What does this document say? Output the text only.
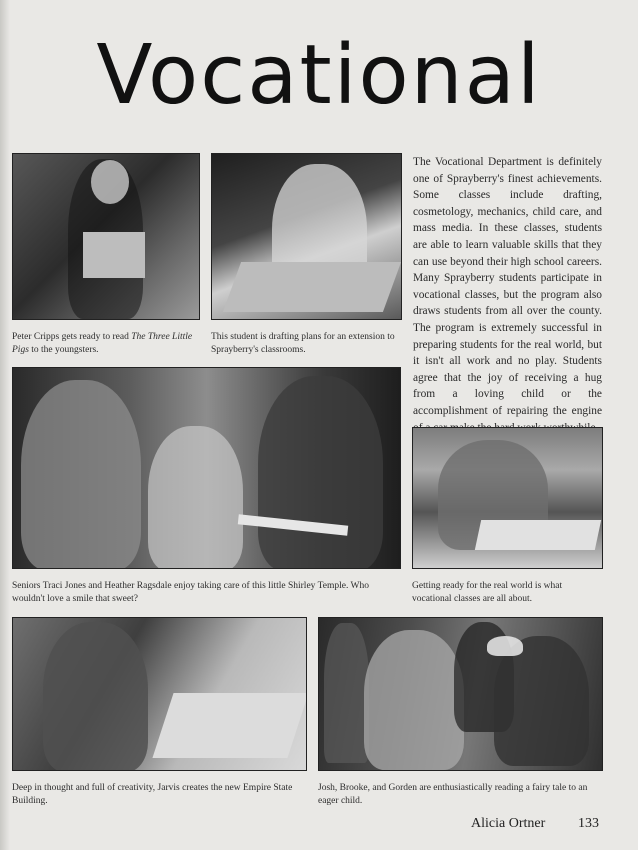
Vocational
Peter Cripps gets ready to read The Three Little Pigs to the youngsters.
This student is drafting plans for an extension to Sprayberry's classrooms.
The Vocational Department is definitely one of Sprayberry's finest achievements. Some classes include drafting, cosmetology, mechanics, child care, and mass media. In these classes, students are able to learn valuable skills that they can use beyond their high school careers. Many Sprayberry students participate in vocational classes, but the program also draws students from all over the county. The program is extremely successful in preparing students for the real world, but it isn't all work and no play. Students agree that the joy of receiving a hug from a loving child or the accomplishment of repairing the engine
Seniors Traci Jones and Heather Ragsdale enjoy taking care of this little Shirley Temple. Who wouldn't love a smile that sweet?
Getting ready for the real world is what vocational classes are all about.
Deep in thought and full of creativity, Jarvis creates the new Empire State Building.
Josh, Brooke, and Gorden are enthusiastically reading a fairy tale to an eager child.
Alicia Ortner 133
